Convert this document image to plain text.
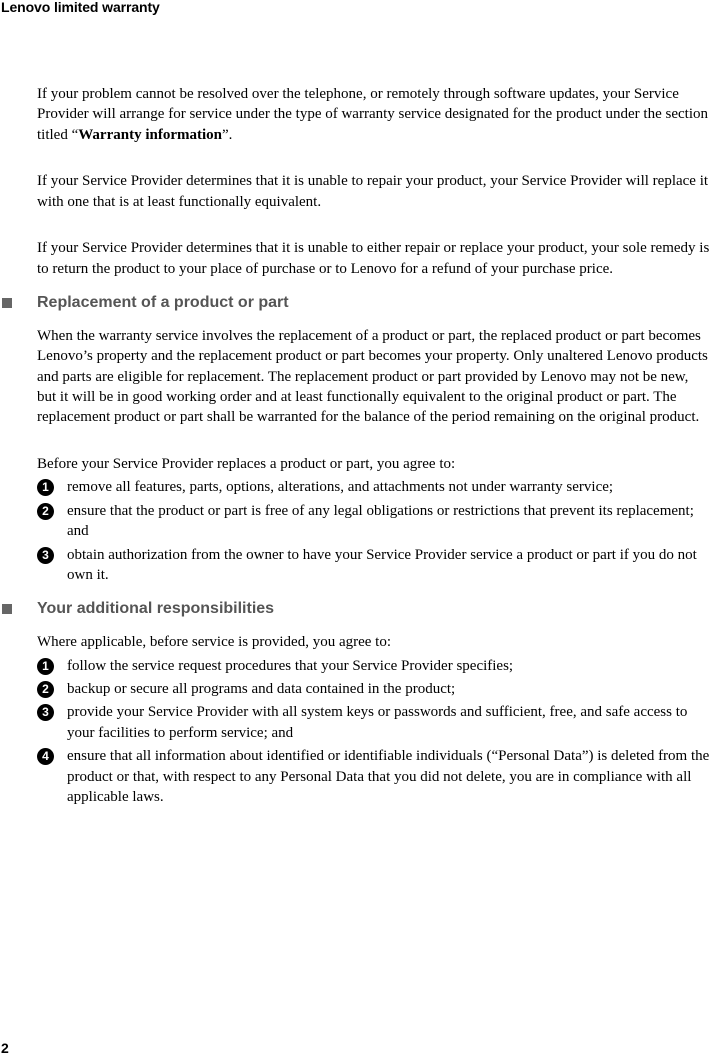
Lenovo limited warranty

If your problem cannot be resolved over the telephone, or remotely through software updates, your Service Provider will arrange for service under the type of warranty service designated for the product under the section titled “Warranty information”.

If your Service Provider determines that it is unable to repair your product, your Service Provider will replace it with one that is at least functionally equivalent.

If your Service Provider determines that it is unable to either repair or replace your product, your sole remedy is to return the product to your place of purchase or to Lenovo for a refund of your purchase price.

Replacement of a product or part

When the warranty service involves the replacement of a product or part, the replaced product or part becomes Lenovo’s property and the replacement product or part becomes your property. Only unaltered Lenovo products and parts are eligible for replacement. The replacement product or part provided by Lenovo may not be new, but it will be in good working order and at least functionally equivalent to the original product or part. The replacement product or part shall be warranted for the balance of the period remaining on the original product.

Before your Service Provider replaces a product or part, you agree to:

1	remove all features, parts, options, alterations, and attachments not under warranty service;
2	ensure that the product or part is free of any legal obligations or restrictions that prevent its replacement; and
3	obtain authorization from the owner to have your Service Provider service a product or part if you do not own it.
Your additional responsibilities

Where applicable, before service is provided, you agree to:

1	follow the service request procedures that your Service Provider specifies;
2	backup or secure all programs and data contained in the product;
3	provide your Service Provider with all system keys or passwords and sufficient, free, and safe access to your facilities to perform service; and
4	ensure that all information about identified or identifiable individuals (“Personal Data”) is deleted from the product or that, with respect to any Personal Data that you did not delete, you are in compliance with all applicable laws.
2
